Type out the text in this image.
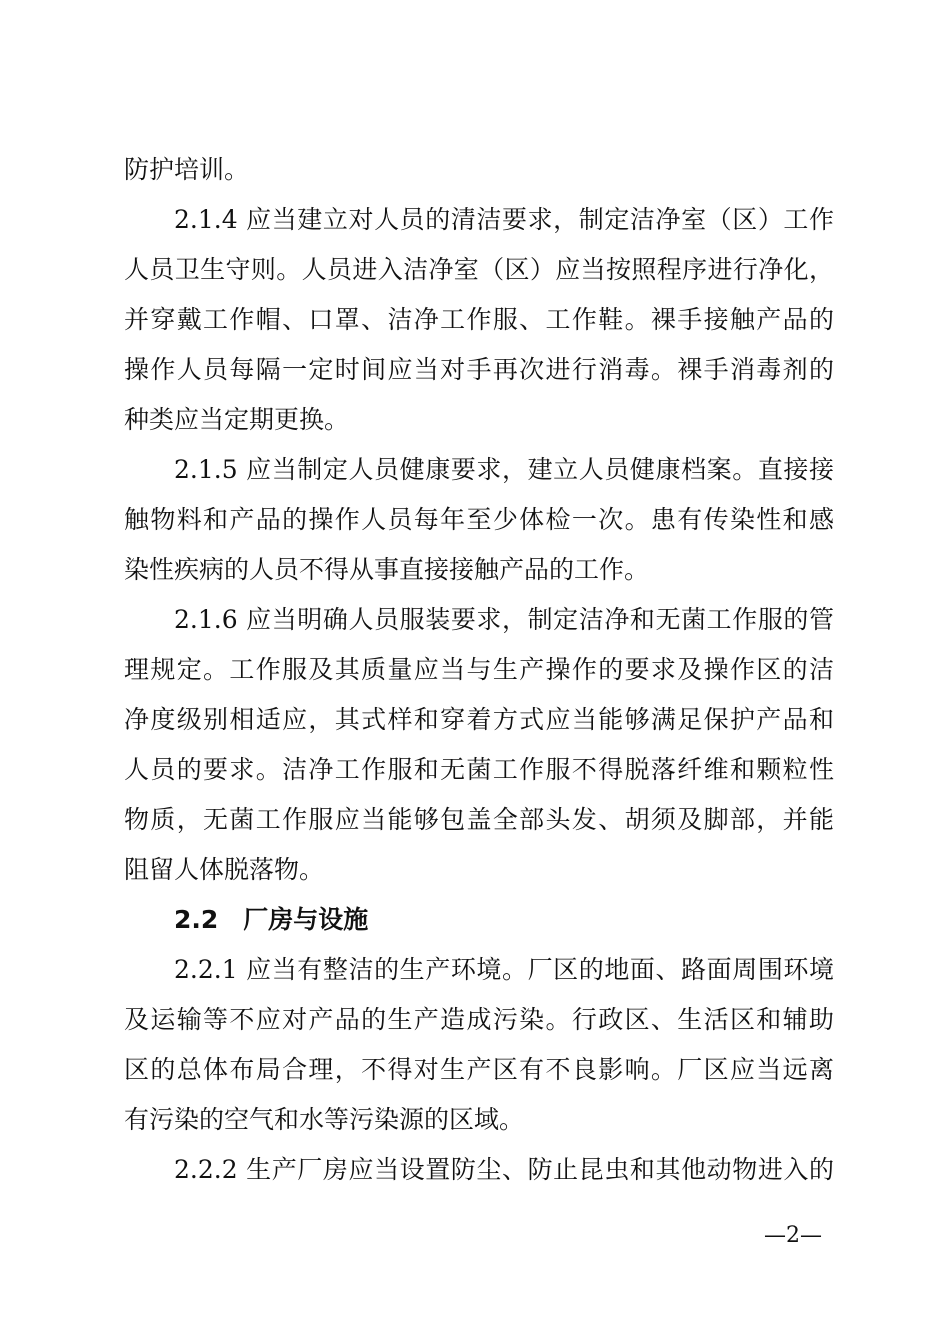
防护培训。

2.1.4 应当建立对人员的清洁要求，制定洁净室（区）工作

人员卫生守则。人员进入洁净室（区）应当按照程序进行净化，

并穿戴工作帽、口罩、洁净工作服、工作鞋。裸手接触产品的

操作人员每隔一定时间应当对手再次进行消毒。裸手消毒剂的

种类应当定期更换。

2.1.5 应当制定人员健康要求，建立人员健康档案。直接接

触物料和产品的操作人员每年至少体检一次。患有传染性和感

染性疾病的人员不得从事直接接触产品的工作。

2.1.6 应当明确人员服装要求，制定洁净和无菌工作服的管

理规定。工作服及其质量应当与生产操作的要求及操作区的洁

净度级别相适应，其式样和穿着方式应当能够满足保护产品和

人员的要求。洁净工作服和无菌工作服不得脱落纤维和颗粒性

物质，无菌工作服应当能够包盖全部头发、胡须及脚部，并能

阻留人体脱落物。

2.2　厂房与设施

2.2.1 应当有整洁的生产环境。厂区的地面、路面周围环境

及运输等不应对产品的生产造成污染。行政区、生活区和辅助

区的总体布局合理，不得对生产区有不良影响。厂区应当远离

有污染的空气和水等污染源的区域。

2.2.2 生产厂房应当设置防尘、防止昆虫和其他动物进入的

—2—
